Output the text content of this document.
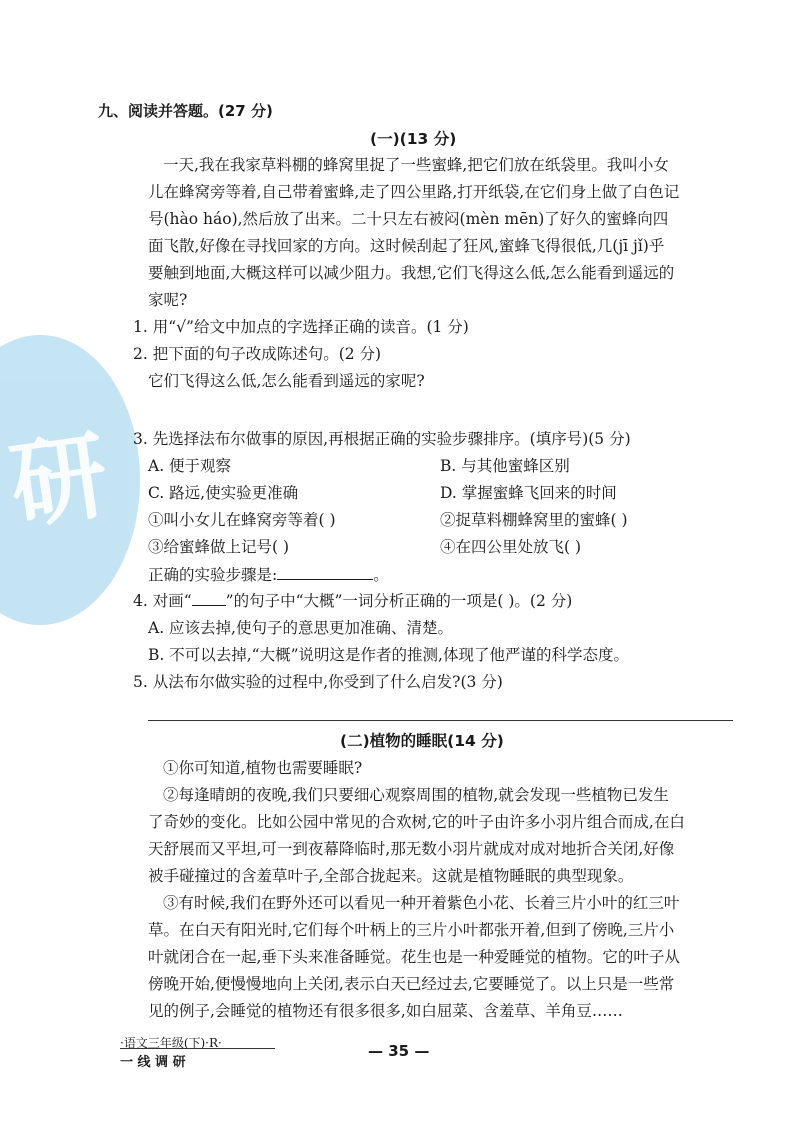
研
九、阅读并答题。(27 分)
(一)(13 分)
一天,我在我家草料棚的蜂窝里捉了一些蜜蜂,把它们放在纸袋里。我叫小女
儿在蜂窝旁等着,自己带着蜜蜂,走了四公里路,打开纸袋,在它们身上做了白色记
号(hào háo),然后放了出来。二十只左右被闷(mèn mēn)了好久的蜜蜂向四
面飞散,好像在寻找回家的方向。这时候刮起了狂风,蜜蜂飞得很低,几(jī jǐ)乎
要触到地面,大概这样可以减少阻力。我想,它们飞得这么低,怎么能看到遥远的
家呢?
1. 用“√”给文中加点的字选择正确的读音。(1 分)
2. 把下面的句子改成陈述句。(2 分)
它们飞得这么低,怎么能看到遥远的家呢?
3. 先选择法布尔做事的原因,再根据正确的实验步骤排序。(填序号)(5 分)
A. 便于观察	B. 与其他蜜蜂区别
C. 路远,使实验更准确	D. 掌握蜜蜂飞回来的时间
①叫小女儿在蜂窝旁等着( )	②捉草料棚蜂窝里的蜜蜂( )
③给蜜蜂做上记号( )	④在四公里处放飞( )
正确的实验步骤是:	。
4. 对画“ ”的句子中“大概”一词分析正确的一项是( )。(2 分)
A. 应该去掉,使句子的意思更加准确、清楚。
B. 不可以去掉,“大概”说明这是作者的推测,体现了他严谨的科学态度。
5. 从法布尔做实验的过程中,你受到了什么启发?(3 分)
(二)植物的睡眠(14 分)
①你可知道,植物也需要睡眠?
②每逢晴朗的夜晚,我们只要细心观察周围的植物,就会发现一些植物已发生
了奇妙的变化。比如公园中常见的合欢树,它的叶子由许多小羽片组合而成,在白
天舒展而又平坦,可一到夜幕降临时,那无数小羽片就成对成对地折合关闭,好像
被手碰撞过的含羞草叶子,全部合拢起来。这就是植物睡眠的典型现象。
③有时候,我们在野外还可以看见一种开着紫色小花、长着三片小叶的红三叶
草。在白天有阳光时,它们每个叶柄上的三片小叶都张开着,但到了傍晚,三片小
叶就闭合在一起,垂下头来准备睡觉。花生也是一种爱睡觉的植物。它的叶子从
傍晚开始,便慢慢地向上关闭,表示白天已经过去,它要睡觉了。以上只是一些常
见的例子,会睡觉的植物还有很多很多,如白屈菜、含羞草、羊角豆……
·语文三年级(下)·R·
一 线 调 研
— 35 —
